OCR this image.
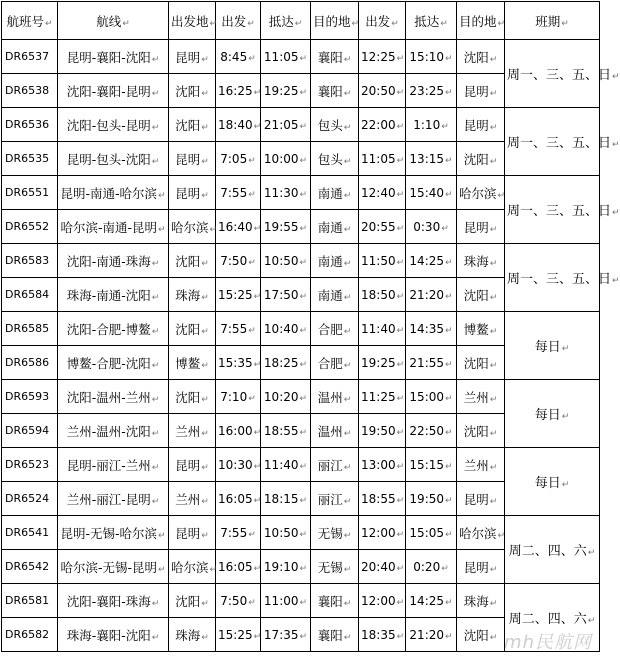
航班号↵	航线↵	出发地↵	出发↵	抵达↵	目的地↵	出发↵	抵达↵	目的地↵	班期↵
DR6537	昆明-襄阳-沈阳↵	昆明↵	8:45↵	11:05↵	襄阳↵	12:25↵	15:10↵	沈阳↵	周一、三、五、日↵
DR6538	沈阳-襄阳-昆明↵	沈阳↵	16:25↵	19:25↵	襄阳↵	20:50↵	23:25↵	昆明↵	
DR6536	沈阳-包头-昆明↵	沈阳↵	18:40↵	21:05↵	包头↵	22:00↵	1:10↵	昆明↵	周一、三、五、日↵
DR6535	昆明-包头-沈阳↵	昆明↵	7:05↵	10:00↵	包头↵	11:05↵	13:15↵	沈阳↵	
DR6551	昆明-南通-哈尔滨↵	昆明↵	7:55↵	11:30↵	南通↵	12:40↵	15:40↵	哈尔滨↵	周一、三、五、日↵
DR6552	哈尔滨-南通-昆明↵	哈尔滨↵	16:40↵	19:55↵	南通↵	20:55↵	0:30↵	昆明↵	
DR6583	沈阳-南通-珠海↵	沈阳↵	7:50↵	10:50↵	南通↵	11:50↵	14:25↵	珠海↵	周一、三、五、日↵
DR6584	珠海-南通-沈阳↵	珠海↵	15:25↵	17:50↵	南通↵	18:50↵	21:20↵	沈阳↵	
DR6585	沈阳-合肥-博鳌↵	沈阳↵	7:55↵	10:40↵	合肥↵	11:40↵	14:35↵	博鳌↵	每日↵
DR6586	博鳌-合肥-沈阳↵	博鳌↵	15:35↵	18:25↵	合肥↵	19:25↵	21:55↵	沈阳↵	
DR6593	沈阳-温州-兰州↵	沈阳↵	7:10↵	10:20↵	温州↵	11:25↵	15:00↵	兰州↵	每日↵
DR6594	兰州-温州-沈阳↵	兰州↵	16:00↵	18:55↵	温州↵	19:50↵	22:50↵	沈阳↵	
DR6523	昆明-丽江-兰州↵	昆明↵	10:30↵	11:40↵	丽江↵	13:00↵	15:15↵	兰州↵	每日↵
DR6524	兰州-丽江-昆明↵	兰州↵	16:05↵	18:15↵	丽江↵	18:55↵	19:50↵	昆明↵	
DR6541	昆明-无锡-哈尔滨↵	昆明↵	7:55↵	10:50↵	无锡↵	12:00↵	15:05↵	哈尔滨↵	周二、四、六↵
DR6542	哈尔滨-无锡-昆明↵	哈尔滨↵	16:05↵	19:10↵	无锡↵	20:40↵	0:20↵	昆明↵	
DR6581	沈阳-襄阳-珠海↵	沈阳↵	7:50↵	11:00↵	襄阳↵	12:00↵	14:25↵	珠海↵	周二、四、六↵
DR6582	珠海-襄阳-沈阳↵	珠海↵	15:25↵	17:35↵	襄阳↵	18:35↵	21:20↵	沈阳↵	mh民航网
